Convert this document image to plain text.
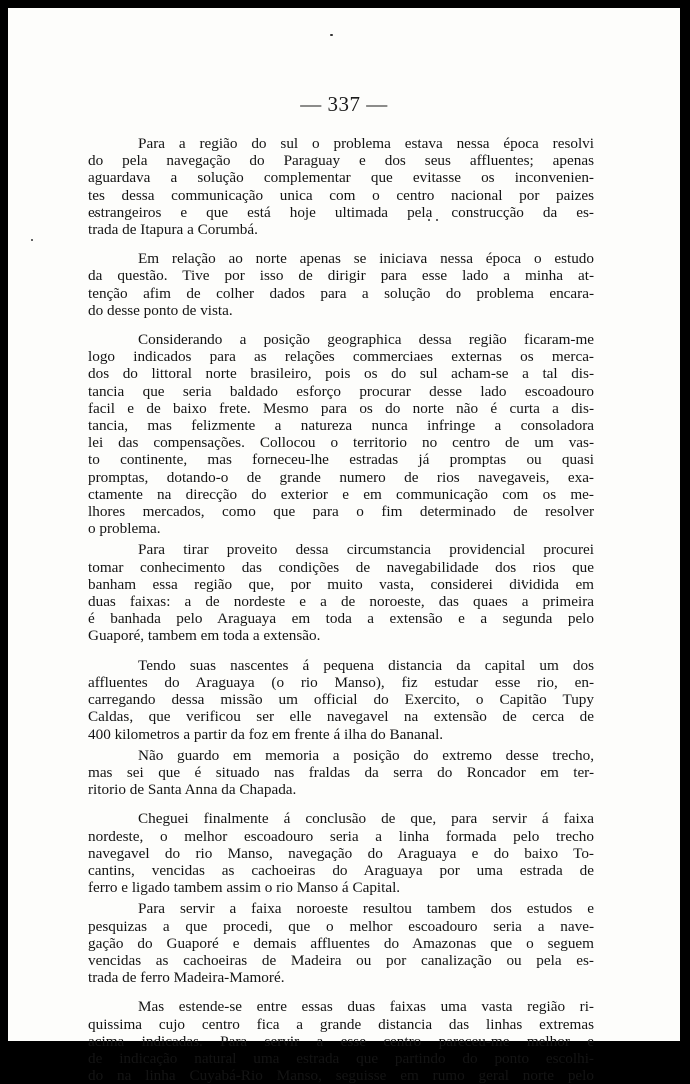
— 337 —
Para a região do sul o problema estava nessa época resolvi
do pela navegação do Paraguay e dos seus affluentes; apenas
aguardava a solução complementar que evitasse os inconvenien-
tes dessa communicação unica com o centro nacional por paizes
estrangeiros e que está hoje ultimada pela construcção da es-
trada de Itapura a Corumbá.
Em relação ao norte apenas se iniciava nessa época o estudo
da questão. Tive por isso de dirigir para esse lado a minha at-
tenção afim de colher dados para a solução do problema encara-
do desse ponto de vista.
Considerando a posição geographica dessa região ficaram-me
logo indicados para as relações commerciaes externas os merca-
dos do littoral norte brasileiro, pois os do sul acham-se a tal dis-
tancia que seria baldado esforço procurar desse lado escoadouro
facil e de baixo frete. Mesmo para os do norte não é curta a dis-
tancia, mas felizmente a natureza nunca infringe a consoladora
lei das compensações. Collocou o territorio no centro de um vas-
to continente, mas forneceu-lhe estradas já promptas ou quasi
promptas, dotando-o de grande numero de rios navegaveis, exa-
ctamente na direcção do exterior e em communicação com os me-
lhores mercados, como que para o fim determinado de resolver
o problema.
Para tirar proveito dessa circumstancia providencial procurei
tomar conhecimento das condições de navegabilidade dos rios que
banham essa região que, por muito vasta, considerei dividida em
duas faixas: a de nordeste e a de noroeste, das quaes a primeira
é banhada pelo Araguaya em toda a extensão e a segunda pelo
Guaporé, tambem em toda a extensão.
Tendo suas nascentes á pequena distancia da capital um dos
affluentes do Araguaya (o rio Manso), fiz estudar esse rio, en-
carregando dessa missão um official do Exercito, o Capitão Tupy
Caldas, que verificou ser elle navegavel na extensão de cerca de
400 kilometros a partir da foz em frente á ilha do Bananal.
Não guardo em memoria a posição do extremo desse trecho,
mas sei que é situado nas fraldas da serra do Roncador em ter-
ritorio de Santa Anna da Chapada.
Cheguei finalmente á conclusão de que, para servir á faixa
nordeste, o melhor escoadouro seria a linha formada pelo trecho
navegavel do rio Manso, navegação do Araguaya e do baixo To-
cantins, vencidas as cachoeiras do Araguaya por uma estrada de
ferro e ligado tambem assim o rio Manso á Capital.
Para servir a faixa noroeste resultou tambem dos estudos e
pesquizas a que procedi, que o melhor escoadouro seria a nave-
gação do Guaporé e demais affluentes do Amazonas que o seguem
vencidas as cachoeiras de Madeira ou por canalização ou pela es-
trada de ferro Madeira-Mamoré.
Mas estende-se entre essas duas faixas uma vasta região ri-
quissima cujo centro fica a grande distancia das linhas extremas
acima indicadas. Para servir a esse centro pareceu-me melhor e
de indicação natural uma estrada que partindo do ponto escolhi-
do na linha Cuyabá-Rio Manso, seguisse em rumo geral norte pelo
